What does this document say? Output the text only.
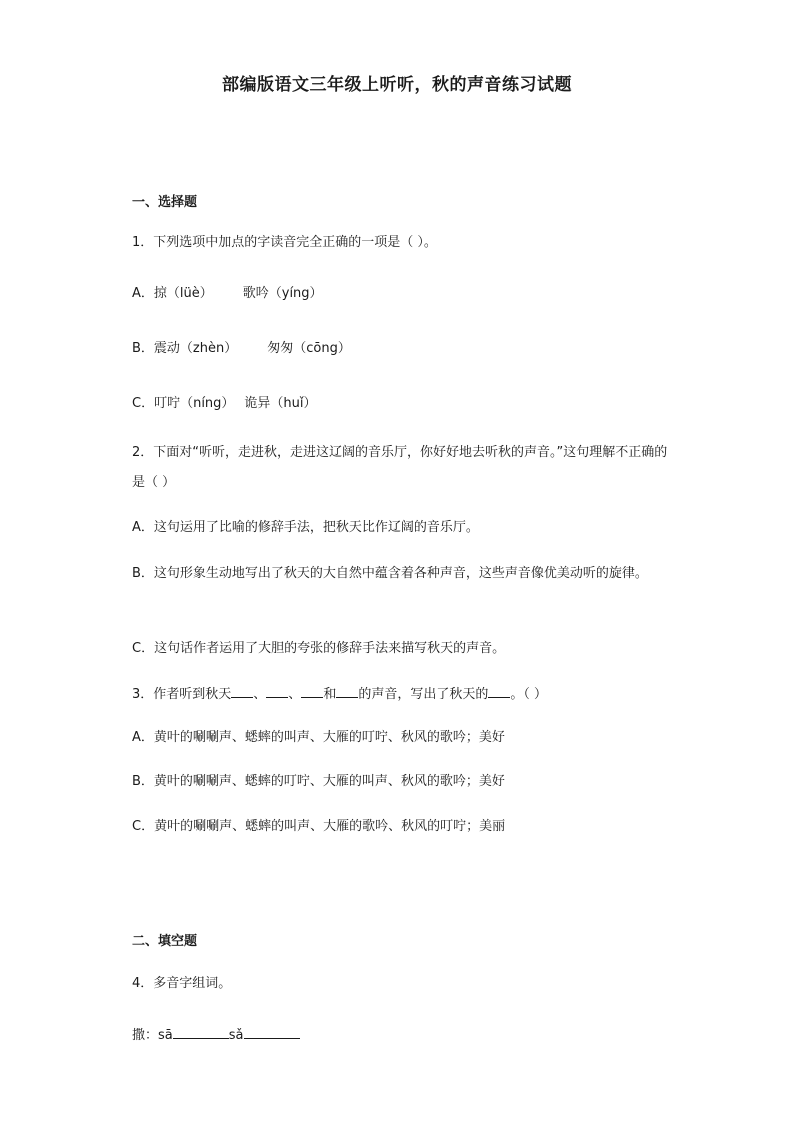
部编版语文三年级上听听，秋的声音练习试题
一、选择题
1．下列选项中加点的字读音完全正确的一项是（ ）。
A．掠（lüè） 歌吟（yíng）
B．震动（zhèn） 匆匆（cōng）
C．叮咛（níng） 诡异（huǐ）
2．下面对“听听，走进秋，走进这辽阔的音乐厅，你好好地去听秋的声音。”这句理解不正确的是（ ）
A．这句运用了比喻的修辞手法，把秋天比作辽阔的音乐厅。
B．这句形象生动地写出了秋天的大自然中蕴含着各种声音，这些声音像优美动听的旋律。
C．这句话作者运用了大胆的夸张的修辞手法来描写秋天的声音。
3．作者听到秋天 、 、 和 的声音，写出了秋天的 。（ ）
A．黄叶的唰唰声、蟋蟀的叫声、大雁的叮咛、秋风的歌吟；美好
B．黄叶的唰唰声、蟋蟀的叮咛、大雁的叫声、秋风的歌吟；美好
C．黄叶的唰唰声、蟋蟀的叫声、大雁的歌吟、秋风的叮咛；美丽
二、填空题
4．多音字组词。
撒：sā	sǎ
